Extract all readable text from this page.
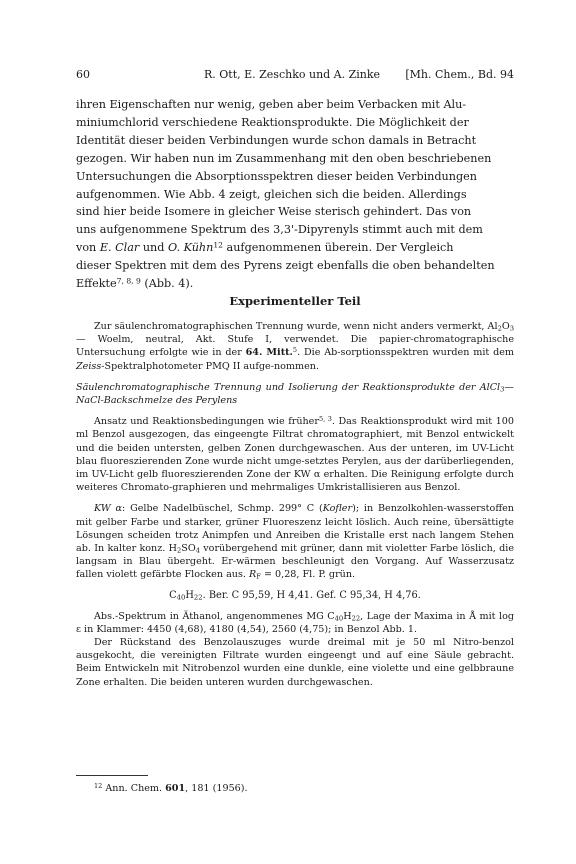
60	R. Ott, E. Zeschko und A. Zinke [Mh. Chem., Bd. 94

ihren Eigenschaften nur wenig, geben aber beim Verbacken mit Alu-

miniumchlorid verschiedene Reaktionsprodukte. Die Möglichkeit der

Identität dieser beiden Verbindungen wurde schon damals in Betracht

gezogen. Wir haben nun im Zusammenhang mit den oben beschriebenen

Untersuchungen die Absorptionsspektren dieser beiden Verbindungen

aufgenommen. Wie Abb. 4 zeigt, gleichen sich die beiden. Allerdings

sind hier beide Isomere in gleicher Weise sterisch gehindert. Das von

uns aufgenommene Spektrum des 3,3'-Dipyrenyls stimmt auch mit dem

von E. Clar und O. Kühn$^{12}$ aufgenommenen überein. Der Vergleich

dieser Spektren mit dem des Pyrens zeigt ebenfalls die oben behandelten

Effekte$^{7, 8, 9}$ (Abb. 4).

Experimenteller Teil

Zur säulenchromatographischen Trennung wurde, wenn nicht anders vermerkt, $Al_2O_3$ — Woelm, neutral, Akt. Stufe I, verwendet. Die papier-chromatographische Untersuchung erfolgte wie in der 64. Mitt.$^5$. Die Ab-sorptionsspektren wurden mit dem Zeiss-Spektralphotometer PMQ II aufge-nommen.

Säulenchromatographische Trennung und Isolierung der Reaktionsprodukte der AlCl$_3$—NaCl-Backschmelze des Perylens

Ansatz und Reaktionsbedingungen wie früher$^{5, 3}$. Das Reaktionsprodukt wird mit 100 ml Benzol ausgezogen, das eingeengte Filtrat chromatographiert, mit Benzol entwickelt und die beiden untersten, gelben Zonen durchgewaschen. Aus der unteren, im UV-Licht blau fluoreszierenden Zone wurde nicht umge-setztes Perylen, aus der darüberliegenden, im UV-Licht gelb fluoreszierenden Zone der KW α erhalten. Die Reinigung erfolgte durch weiteres Chromato-graphieren und mehrmaliges Umkristallisieren aus Benzol.

KW α: Gelbe Nadelbüschel, Schmp. 299° C (Kofler); in Benzolkohlen-wasserstoffen mit gelber Farbe und starker, grüner Fluoreszenz leicht löslich. Auch reine, übersättigte Lösungen scheiden trotz Animpfen und Anreiben die Kristalle erst nach langem Stehen ab. In kalter konz. $H_2SO_4$ vorübergehend mit grüner, dann mit violetter Farbe löslich, die langsam in Blau übergeht. Er-wärmen beschleunigt den Vorgang. Auf Wasserzusatz fallen violett gefärbte Flocken aus. $R_F = 0,28$, Fl. P. grün.

$C_{40}H_{22}$. Ber. C 95,59, H 4,41. Gef. C 95,34, H 4,76.

Abs.-Spektrum in Äthanol, angenommenes MG $C_{40}H_{22}$, Lage der Maxima in Å mit log ε in Klammer: 4450 (4,68), 4180 (4,54), 2560 (4,75); in Benzol Abb. 1.

Der Rückstand des Benzolauszuges wurde dreimal mit je 50 ml Nitro-benzol ausgekocht, die vereinigten Filtrate wurden eingeengt und auf eine Säule gebracht. Beim Entwickeln mit Nitrobenzol wurden eine dunkle, eine violette und eine gelbbraune Zone erhalten. Die beiden unteren wurden durchgewaschen.

$^{12}$ Ann. Chem. 601, 181 (1956).
